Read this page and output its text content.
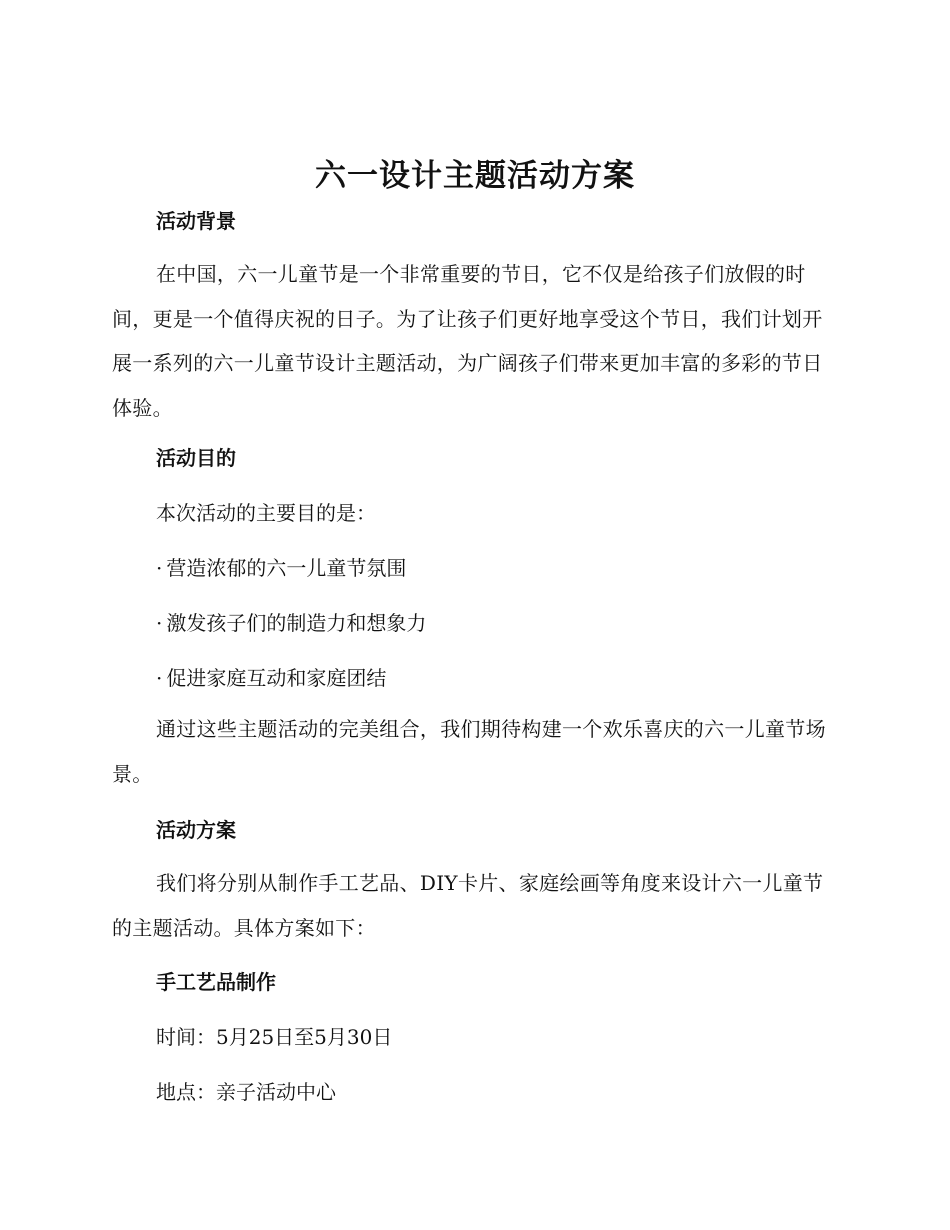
六一设计主题活动方案
活动背景

在中国，六一儿童节是一个非常重要的节日，它不仅是给孩子们放假的时间，更是一个值得庆祝的日子。为了让孩子们更好地享受这个节日，我们计划开展一系列的六一儿童节设计主题活动，为广阔孩子们带来更加丰富的多彩的节日体验。

活动目的

本次活动的主要目的是：

· 营造浓郁的六一儿童节氛围

· 激发孩子们的制造力和想象力

· 促进家庭互动和家庭团结

通过这些主题活动的完美组合，我们期待构建一个欢乐喜庆的六一儿童节场景。

活动方案

我们将分别从制作手工艺品、DIY卡片、家庭绘画等角度来设计六一儿童节的主题活动。具体方案如下：

手工艺品制作

时间：5月25日至5月30日

地点：亲子活动中心
